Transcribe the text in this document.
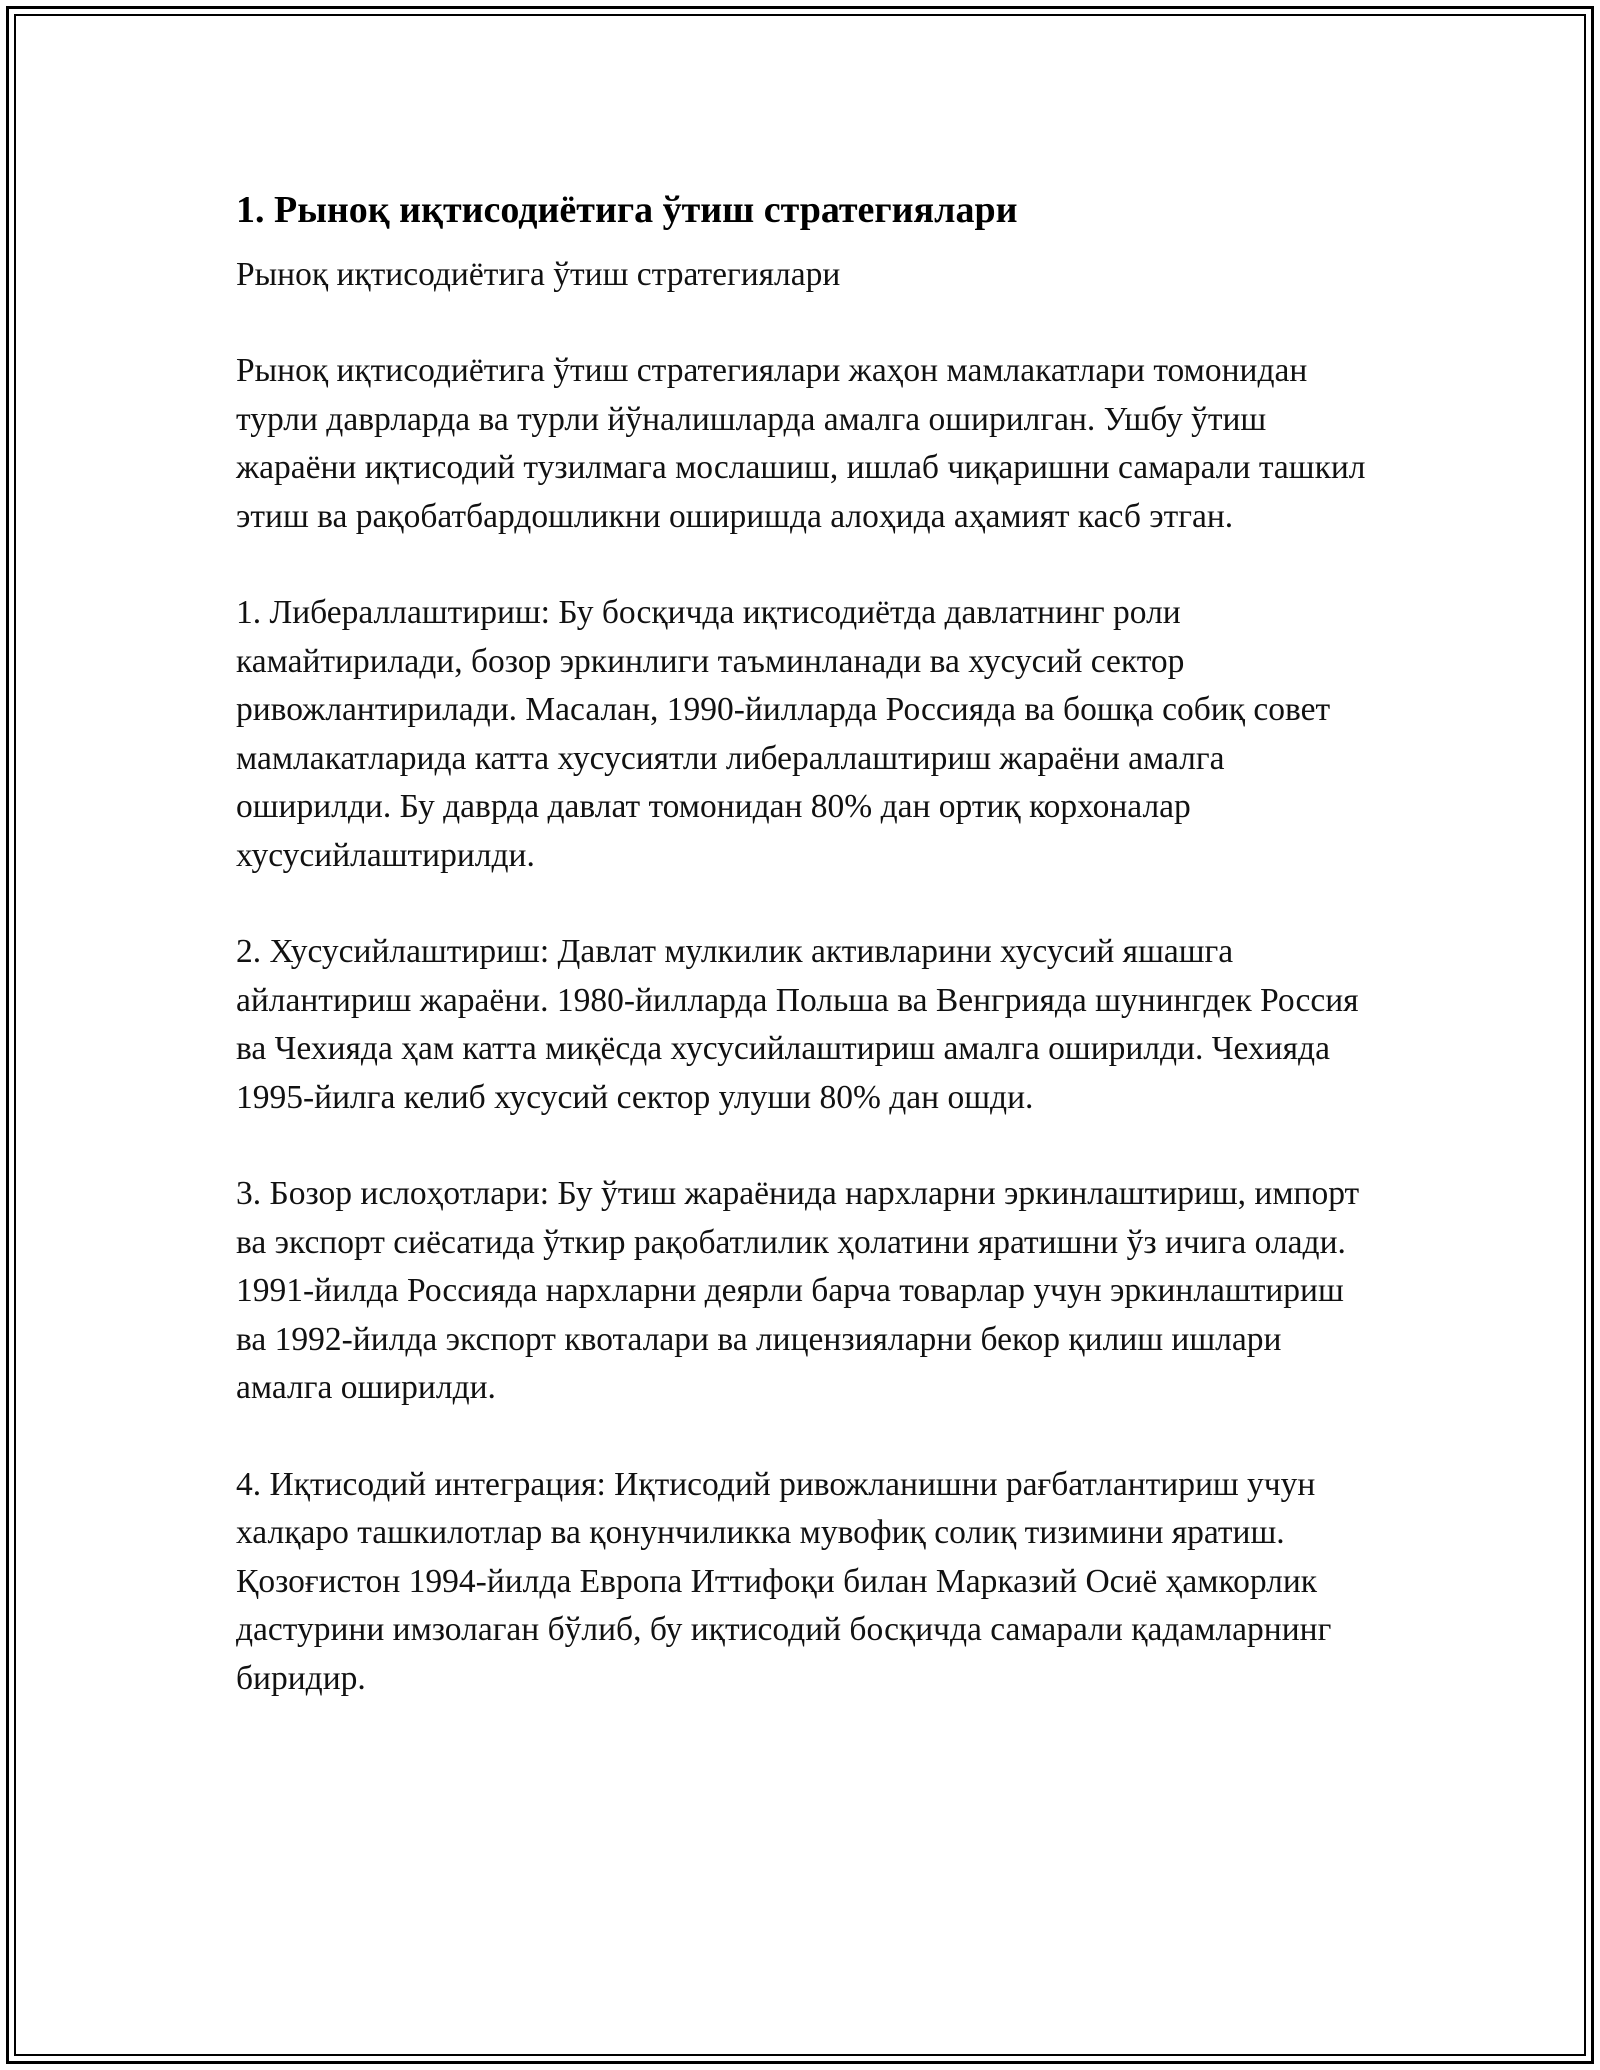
1. Рыноқ иқтисодиётига ўтиш стратегиялари

Рыноқ иқтисодиётига ўтиш стратегиялари

Рыноқ иқтисодиётига ўтиш стратегиялари жаҳон мамлакатлари томонидан турли даврларда ва турли йўналишларда амалга оширилган. Ушбу ўтиш жараёни иқтисодий тузилмага мослашиш, ишлаб чиқаришни самарали ташкил этиш ва рақобатбардошликни оширишда алоҳида аҳамият касб этган.

1. Либераллаштириш: Бу босқичда иқтисодиётда давлатнинг роли камайтирилади, бозор эркинлиги таъминланади ва хусусий сектор ривожлантирилади. Масалан, 1990-йилларда Россияда ва бошқа собиқ совет мамлакатларида катта хусусиятли либераллаштириш жараёни амалга оширилди. Бу даврда давлат томонидан 80% дан ортиқ корхоналар хусусийлаштирилди.

2. Хусусийлаштириш: Давлат мулкилик активларини хусусий яшашга айлантириш жараёни. 1980-йилларда Польша ва Венгрияда шунингдек Россия ва Чехияда ҳам катта миқёсда хусусийлаштириш амалга оширилди. Чехияда 1995-йилга келиб хусусий сектор улуши 80% дан ошди.

3. Бозор ислоҳотлари: Бу ўтиш жараёнида нархларни эркинлаштириш, импорт ва экспорт сиёсатида ўткир рақобатлилик ҳолатини яратишни ўз ичига олади. 1991-йилда Россияда нархларни деярли барча товарлар учун эркинлаштириш ва 1992-йилда экспорт квоталари ва лицензияларни бекор қилиш ишлари амалга оширилди.

4. Иқтисодий интеграция: Иқтисодий ривожланишни рағбатлантириш учун халқаро ташкилотлар ва қонунчиликка мувофиқ солиқ тизимини яратиш. Қозоғистон 1994-йилда Европа Иттифоқи билан Марказий Осиё ҳамкорлик дастурини имзолаган бўлиб, бу иқтисодий босқичда самарали қадамларнинг биридир.
